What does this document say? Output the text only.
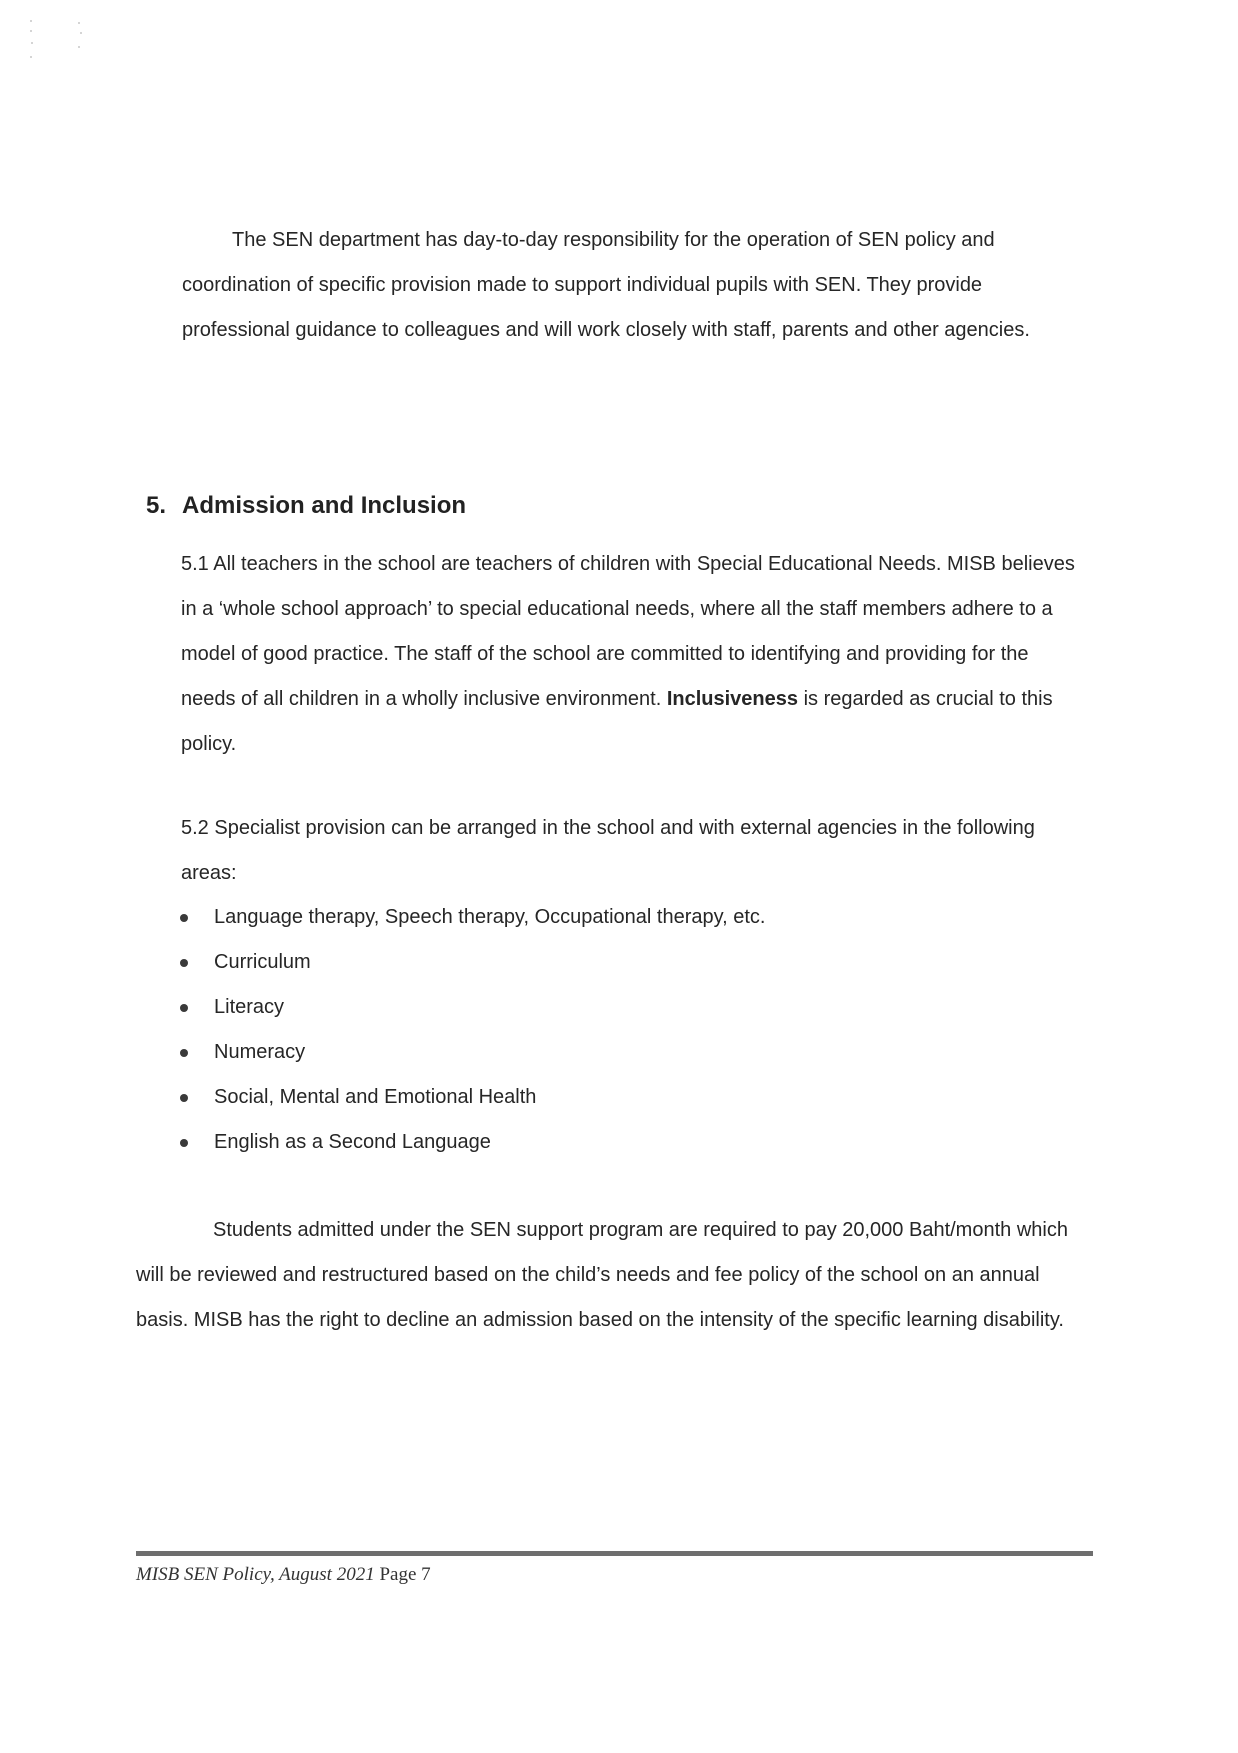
The SEN department has day-to-day responsibility for the operation of SEN policy and coordination of specific provision made to support individual pupils with SEN. They provide professional guidance to colleagues and will work closely with staff, parents and other agencies.

5. Admission and Inclusion

5.1 All teachers in the school are teachers of children with Special Educational Needs. MISB believes in a ‘whole school approach’ to special educational needs, where all the staff members adhere to a model of good practice. The staff of the school are committed to identifying and providing for the needs of all children in a wholly inclusive environment. Inclusiveness is regarded as crucial to this policy.

5.2 Specialist provision can be arranged in the school and with external agencies in the following areas:

Language therapy, Speech therapy, Occupational therapy, etc.
Curriculum
Literacy
Numeracy
Social, Mental and Emotional Health
English as a Second Language

Students admitted under the SEN support program are required to pay 20,000 Baht/month which will be reviewed and restructured based on the child’s needs and fee policy of the school on an annual basis. MISB has the right to decline an admission based on the intensity of the specific learning disability.

MISB SEN Policy, August 2021 Page 7
